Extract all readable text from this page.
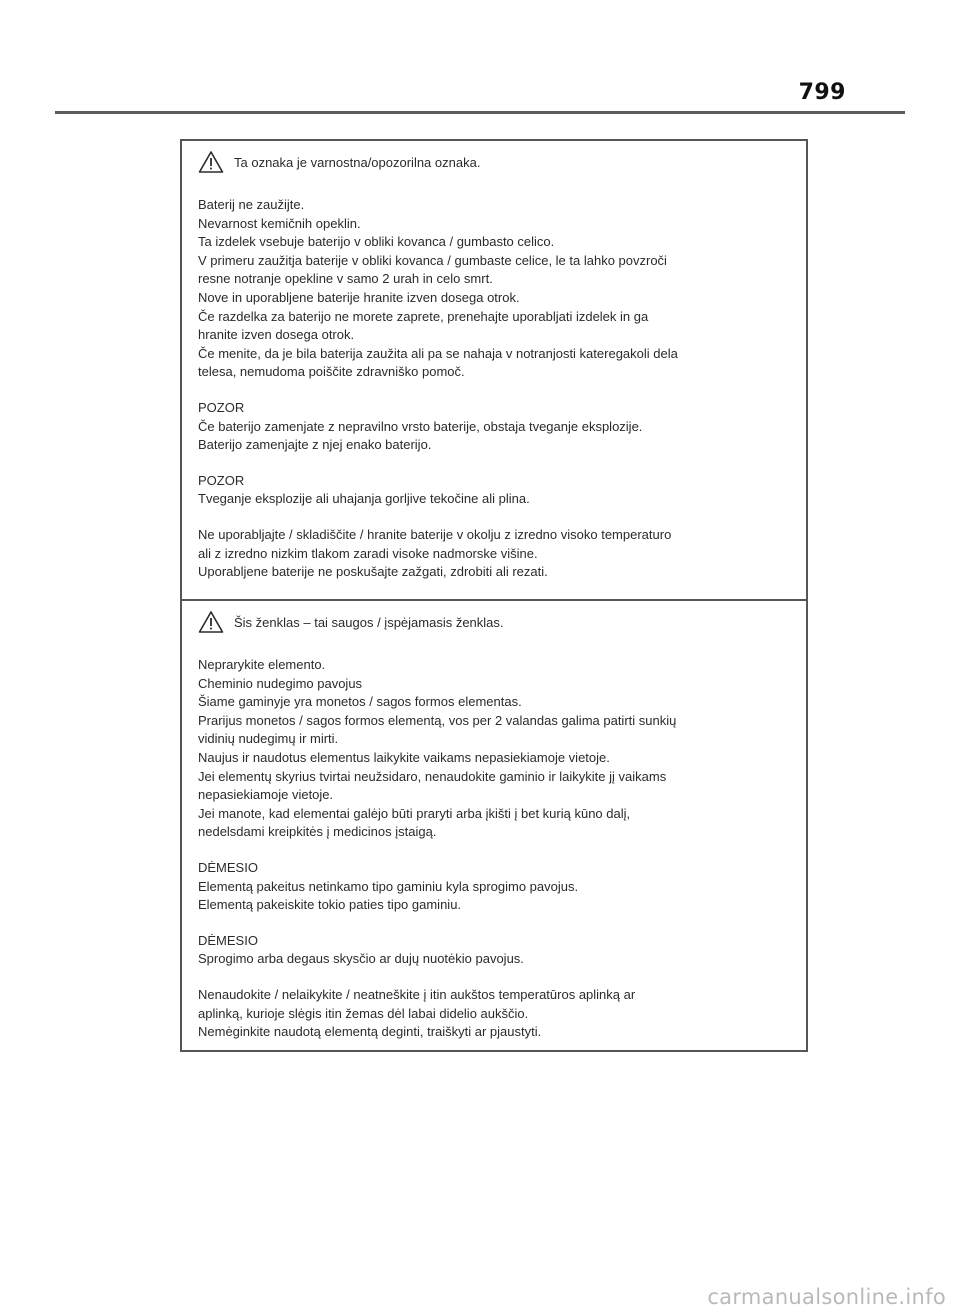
799
Ta oznaka je varnostna/opozorilna oznaka.

Baterij ne zaužijte.
Nevarnost kemičnih opeklin.
Ta izdelek vsebuje baterijo v obliki kovanca / gumbasto celico.
V primeru zaužitja baterije v obliki kovanca / gumbaste celice, le ta lahko povzroči
resne notranje opekline v samo 2 urah in celo smrt.
Nove in uporabljene baterije hranite izven dosega otrok.
Če razdelka za baterijo ne morete zaprete, prenehajte uporabljati izdelek in ga
hranite izven dosega otrok.
Če menite, da je bila baterija zaužita ali pa se nahaja v notranjosti kateregakoli dela
telesa, nemudoma poiščite zdravniško pomoč.

POZOR
Če baterijo zamenjate z nepravilno vrsto baterije, obstaja tveganje eksplozije.
Baterijo zamenjajte z njej enako baterijo.

POZOR
Tveganje eksplozije ali uhajanja gorljive tekočine ali plina.

Ne uporabljajte / skladiščite / hranite baterije v okolju z izredno visoko temperaturo
ali z izredno nizkim tlakom zaradi visoke nadmorske višine.
Uporabljene baterije ne poskušajte zažgati, zdrobiti ali rezati.

Šis ženklas – tai saugos / įspėjamasis ženklas.

Neprarykite elemento.
Cheminio nudegimo pavojus
Šiame gaminyje yra monetos / sagos formos elementas.
Prarijus monetos / sagos formos elementą, vos per 2 valandas galima patirti sunkių
vidinių nudegimų ir mirti.
Naujus ir naudotus elementus laikykite vaikams nepasiekiamoje vietoje.
Jei elementų skyrius tvirtai neužsidaro, nenaudokite gaminio ir laikykite jį vaikams
nepasiekiamoje vietoje.
Jei manote, kad elementai galėjo būti praryti arba įkišti į bet kurią kūno dalį,
nedelsdami kreipkitės į medicinos įstaigą.

DĖMESIO
Elementą pakeitus netinkamo tipo gaminiu kyla sprogimo pavojus.
Elementą pakeiskite tokio paties tipo gaminiu.

DĖMESIO
Sprogimo arba degaus skysčio ar dujų nuotėkio pavojus.

Nenaudokite / nelaikykite / neatneškite į itin aukštos temperatūros aplinką ar
aplinką, kurioje slėgis itin žemas dėl labai didelio aukščio.
Nemėginkite naudotą elementą deginti, traiškyti ar pjaustyti.

carmanualsonline.info
